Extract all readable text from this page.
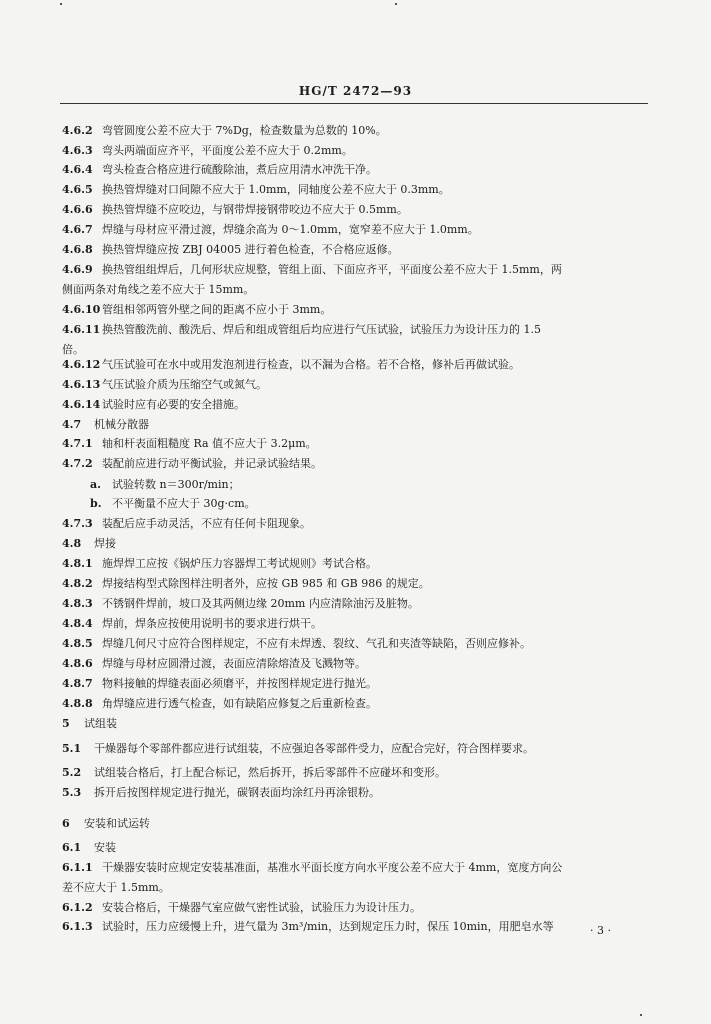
HG/T 2472—93
4.6.2 弯管圆度公差不应大于 7%Dg，检查数量为总数的 10%。
4.6.3 弯头两端面应齐平，平面度公差不应大于 0.2mm。
4.6.4 弯头检查合格应进行硫酸除油，煮后应用清水冲洗干净。
4.6.5 换热管焊缝对口间隙不应大于 1.0mm，同轴度公差不应大于 0.3mm。
4.6.6 换热管焊缝不应咬边，与钢带焊接钢带咬边不应大于 0.5mm。
4.6.7 焊缝与母材应平滑过渡，焊缝余高为 0～1.0mm，宽窄差不应大于 1.0mm。
4.6.8 换热管焊缝应按 ZBJ 04005 进行着色检查，不合格应返修。
4.6.9 换热管组组焊后，几何形状应规整，管组上面、下面应齐平，平面度公差不应大于 1.5mm，两
侧面两条对角线之差不应大于 15mm。
4.6.10 管组相邻两管外壁之间的距离不应小于 3mm。
4.6.11 换热管酸洗前、酸洗后、焊后和组成管组后均应进行气压试验，试验压力为设计压力的 1.5
倍。
4.6.12 气压试验可在水中或用发泡剂进行检查，以不漏为合格。若不合格，修补后再做试验。
4.6.13 气压试验介质为压缩空气或氮气。
4.6.14 试验时应有必要的安全措施。
4.7 机械分散器
4.7.1 轴和杆表面粗糙度 Ra 值不应大于 3.2μm。
4.7.2 装配前应进行动平衡试验，并记录试验结果。
a. 试验转数 n＝300r/min；
b. 不平衡量不应大于 30g·cm。
4.7.3 装配后应手动灵活，不应有任何卡阻现象。
4.8 焊接
4.8.1 施焊焊工应按《锅炉压力容器焊工考试规则》考试合格。
4.8.2 焊接结构型式除图样注明者外，应按 GB 985 和 GB 986 的规定。
4.8.3 不锈钢件焊前，坡口及其两侧边缘 20mm 内应清除油污及脏物。
4.8.4 焊前，焊条应按使用说明书的要求进行烘干。
4.8.5 焊缝几何尺寸应符合图样规定，不应有未焊透、裂纹、气孔和夹渣等缺陷，否则应修补。
4.8.6 焊缝与母材应圆滑过渡，表面应清除熔渣及飞溅物等。
4.8.7 物料接触的焊缝表面必须磨平，并按图样规定进行抛光。
4.8.8 角焊缝应进行透气检查，如有缺陷应修复之后重新检查。
5 试组装
5.1 干燥器每个零部件都应进行试组装，不应强迫各零部件受力，应配合完好，符合图样要求。
5.2 试组装合格后，打上配合标记，然后拆开，拆后零部件不应碰坏和变形。
5.3 拆开后按图样规定进行抛光，碳钢表面均涂红丹再涂银粉。
6 安装和试运转
6.1 安装
6.1.1 干燥器安装时应规定安装基准面，基准水平面长度方向水平度公差不应大于 4mm，宽度方向公
差不应大于 1.5mm。
6.1.2 安装合格后，干燥器气室应做气密性试验，试验压力为设计压力。
6.1.3 试验时，压力应缓慢上升，进气量为 3m³/min，达到规定压力时，保压 10min，用肥皂水等	· 3 ·
